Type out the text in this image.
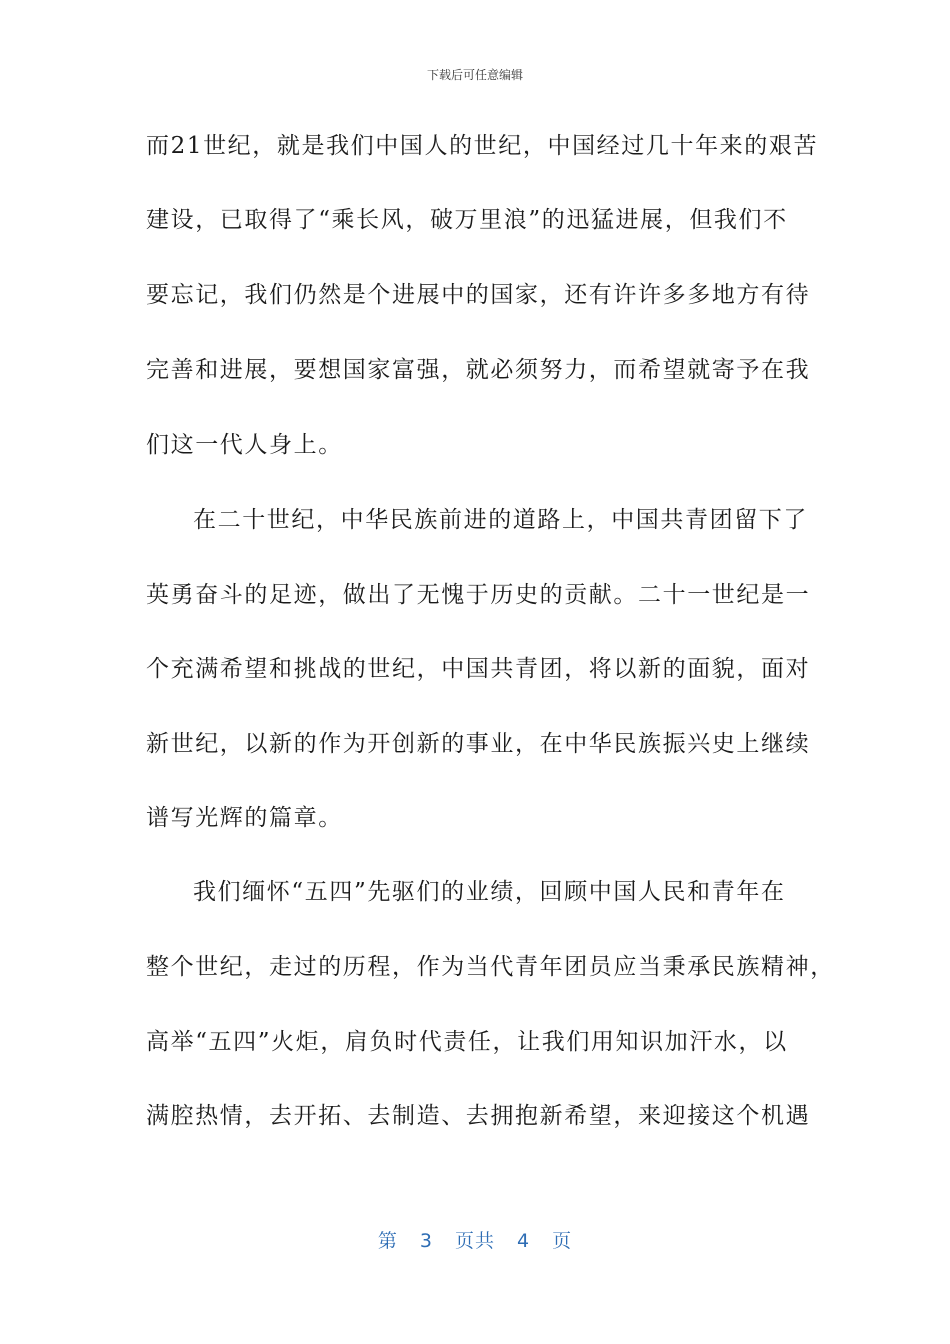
下载后可任意编辑
而21世纪，就是我们中国人的世纪，中国经过几十年来的艰苦
建设，已取得了“乘长风，破万里浪”的迅猛进展，但我们不
要忘记，我们仍然是个进展中的国家，还有许许多多地方有待
完善和进展，要想国家富强，就必须努力，而希望就寄予在我
们这一代人身上。
在二十世纪，中华民族前进的道路上，中国共青团留下了
英勇奋斗的足迹，做出了无愧于历史的贡献。二十一世纪是一
个充满希望和挑战的世纪，中国共青团，将以新的面貌，面对
新世纪，以新的作为开创新的事业，在中华民族振兴史上继续
谱写光辉的篇章。
我们缅怀“五四”先驱们的业绩，回顾中国人民和青年在
整个世纪，走过的历程，作为当代青年团员应当秉承民族精神，
高举“五四”火炬，肩负时代责任，让我们用知识加汗水，以
满腔热情，去开拓、去制造、去拥抱新希望，来迎接这个机遇
第 3 页共 4 页
